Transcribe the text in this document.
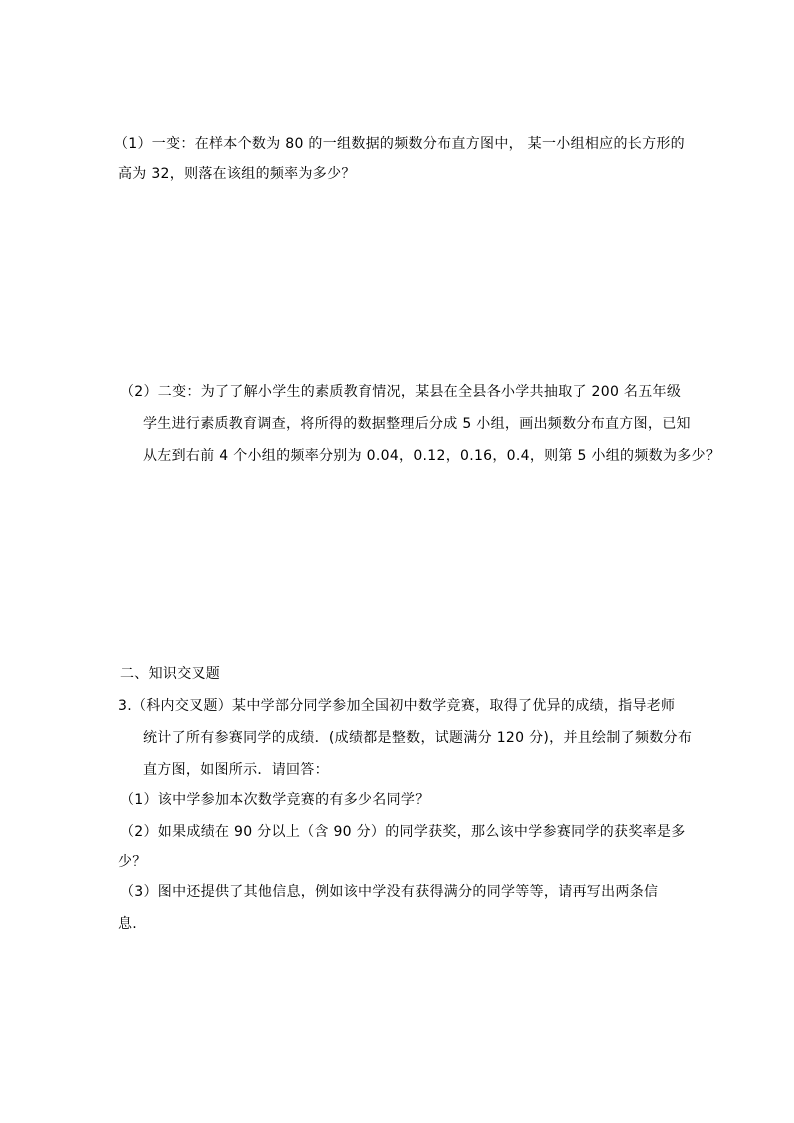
（1）一变：在样本个数为 80 的一组数据的频数分布直方图中， 某一小组相应的长方形的
高为 32，则落在该组的频率为多少？
（2）二变：为了了解小学生的素质教育情况，某县在全县各小学共抽取了 200 名五年级
学生进行素质教育调查，将所得的数据整理后分成 5 小组，画出频数分布直方图，已知
从左到右前 4 个小组的频率分别为 0.04，0.12，0.16，0.4，则第 5 小组的频数为多少？
二、知识交叉题
3.（科内交叉题）某中学部分同学参加全国初中数学竞赛，取得了优异的成绩，指导老师
统计了所有参赛同学的成绩．(成绩都是整数，试题满分 120 分)，并且绘制了频数分布
直方图，如图所示．请回答：
（1）该中学参加本次数学竞赛的有多少名同学？
（2）如果成绩在 90 分以上（含 90 分）的同学获奖，那么该中学参赛同学的获奖率是多
少？
（3）图中还提供了其他信息，例如该中学没有获得满分的同学等等，请再写出两条信
息.
